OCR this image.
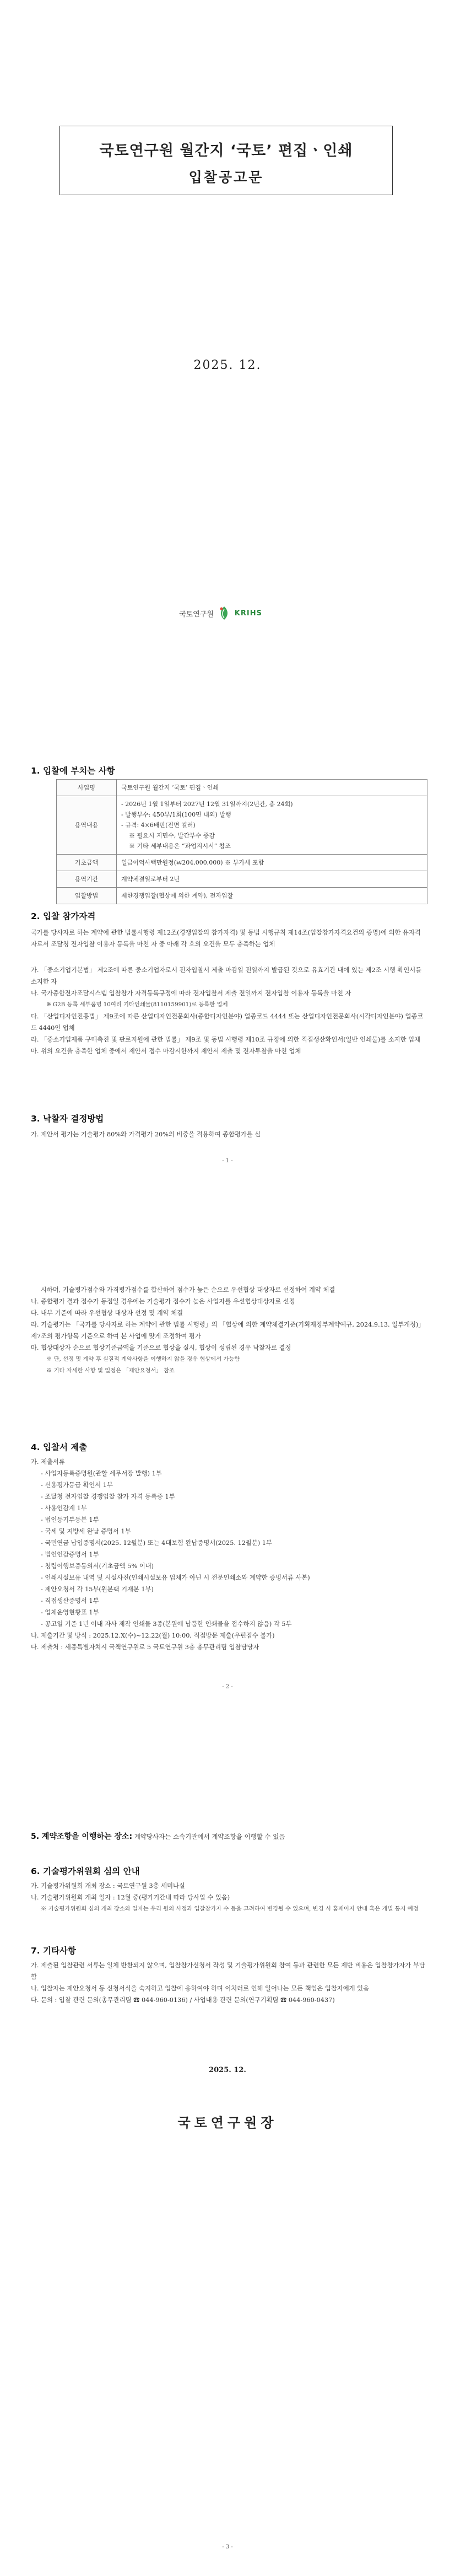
국토연구원 월간지 ‘국토’ 편집ㆍ인쇄
입찰공고문
2025. 12.
국토연구원	KRIHS
1. 입찰에 부치는 사항
사업명	국토연구원 월간지 ‘국토’ 편집ㆍ인쇄
용역내용	- 2026년 1월 1일부터 2027년 12월 31일까지(2년간, 총 24회)
- 발행부수: 450부/1회(100면 내외) 발행
- 규격: 4×6배판(전면 컬러)
※ 필요시 지면수, 발간부수 증감
※ 기타 세부내용은 “과업지시서” 참조

기초금액	일금이억사백만원정(₩204,000,000) ※ 부가세 포함
용역기간	계약체결일로부터 2년
입찰방법	제한경쟁입찰(협상에 의한 계약), 전자입찰
2. 입찰 참가자격
국가를 당사자로 하는 계약에 관한 법률시행령 제12조(경쟁입찰의 참가자격) 및 동법 시행규칙 제14조(입찰참가자격요건의 증명)에 의한 유자격자로서 조달청 전자입찰 이용자 등록을 마친 자 중 아래 각 호의 요건을 모두 충족하는 업체
가. 「중소기업기본법」 제2조에 따른 중소기업자로서 전자입찰서 제출 마감일 전일까지 발급된 것으로 유효기간 내에 있는 제2조 시행 확인서를 소지한 자
나. 국가종합전자조달시스템 입찰참가 자격등록규정에 따라 전자입찰서 제출 전일까지 전자입찰 이용자 등록을 마친 자
※ G2B 등록 세부품명 10여리 기타인쇄물(8110159901)로 등록한 업체
다. 「산업디자인진흥법」 제9조에 따른 산업디자인전문회사(종합디자인분야) 업종코드 4444 또는 산업디자인전문회사(시각디자인분야) 업종코드 4440인 업체
라. 「중소기업제품 구매촉진 및 판로지원에 관한 법률」 제9조 및 동법 시행령 제10조 규정에 의한 직접생산확인서(일반 인쇄물)를 소지한 업체
마. 위의 요건을 충족한 업체 중에서 제안서 접수 마감시한까지 제안서 제출 및 전자투찰을 마친 업체
3. 낙찰자 결정방법
가. 제안서 평가는 기술평가 80%와 가격평가 20%의 비중을 적용하여 종합평가를 실
- 1 -
시하며, 기술평가점수와 가격평가점수를 합산하여 점수가 높은 순으로 우선협상 대상자로 선정하여 계약 체결
나. 종합평가 결과 점수가 동점일 경우에는 기술평가 점수가 높은 사업자를 우선협상대상자로 선정
다. 내부 기준에 따라 우선협상 대상자 선정 및 계약 체결
라. 기술평가는 「국가를 당사자로 하는 계약에 관한 법률 시행령」의 「협상에 의한 계약체결기준(기획재정부계약예규, 2024.9.13. 일부개정)」 제7조의 평가항목 기준으로 하여 본 사업에 맞게 조정하여 평가
마. 협상대상자 순으로 협상기준금액을 기준으로 협상을 실시, 협상이 성립된 경우 낙찰자로 결정
※ 단, 선정 및 계약 후 실질적 계약사항을 이행하지 않을 경우 협상에서 가능함
※ 기타 자세한 사항 및 일정은 「제안요청서」 참조
4. 입찰서 제출
가. 제출서류
- 사업자등록증명원(관할 세무서장 발행) 1부
- 신용평가등급 확인서 1부
- 조달청 전자입찰 경쟁입찰 참가 자격 등록증 1부
- 사용인감계 1부
- 법인등기부등본 1부
- 국세 및 지방세 완납 증명서 1부
- 국민연금 납입증명서(2025. 12월분) 또는 4대보험 완납증명서(2025. 12월분) 1부
- 법인인감증명서 1부
- 청렴이행보증동의서(기초금액 5% 이내)
- 인쇄시설보유 내역 및 시설사진(인쇄시설보유 업체가 아닌 시 전문인쇄소와 계약한 증빙서류 사본)
- 제안요청서 각 15부(원본팩 기재본 1부)
- 직접생산증명서 1부
- 업체운영현황표 1부
- 공고일 기준 1년 이내 자사 제작 인쇄물 3종(본원에 납품한 인쇄물을 접수하지 않음) 각 5부
나. 제출기간 및 방식 : 2025.12.X(수)~12.22(월) 10:00, 직접방문 제출(우편접수 불가)
다. 제출처 : 세종특별자치시 국책연구원로 5 국토연구원 3층 총무관리팀 입찰담당자
- 2 -
5. 계약조항을 이행하는 장소: 계약당사자는 소속기관에서 계약조항을 이행할 수 있음
6. 기술평가위원회 심의 안내
가. 기술평가위원회 개최 장소 : 국토연구원 3층 세미나실
나. 기술평가위원회 개최 일자 : 12월 중(평가기간내 따라 당사업 수 있음)
※ 기술평가위원회 심의 개최 장소와 일자는 우리 원의 사정과 입찰참가자 수 등을 고려하여 변경될 수 있으며, 변경 시 홈페이지 안내 혹은 개별 통지 예정
7. 기타사항
가. 제출된 입찰관련 서류는 일체 반환되지 않으며, 입찰참가신청서 작성 및 기술평가위원회 참여 등과 관련한 모든 제반 비용은 입찰참가자가 부담함
나. 입찰자는 제안요청서 등 신청서식을 숙지하고 입찰에 응하여야 하며 이처러로 인해 일어나는 모든 책임은 입찰자에게 있음
다. 문의 : 입찰 관련 문의(총무관리팀 ☎ 044-960-0136) / 사업내용 관련 문의(연구기획팀 ☎ 044-960-0437)
2025. 12.
국토연구원장
- 3 -
